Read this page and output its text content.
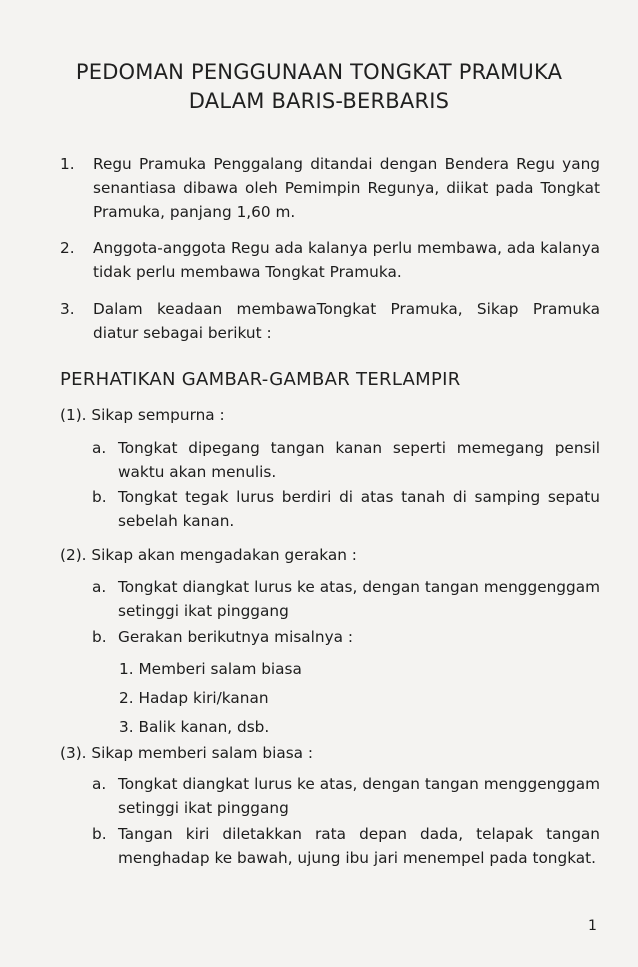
PEDOMAN PENGGUNAAN TONGKAT PRAMUKA
DALAM BARIS-BERBARIS
1.	Regu Pramuka Penggalang ditandai dengan Bendera Regu yang senantiasa dibawa oleh Pemimpin Regunya, diikat pada Tongkat Pramuka, panjang 1,60 m.
2.	Anggota-anggota Regu ada kalanya perlu membawa, ada kalanya tidak perlu membawa Tongkat Pramuka.
3.	Dalam keadaan membawaTongkat Pramuka, Sikap Pramuka diatur sebagai berikut :
PERHATIKAN GAMBAR-GAMBAR TERLAMPIR
(1). Sikap sempurna :
a. Tongkat dipegang tangan kanan seperti memegang pensil waktu akan menulis.
b. Tongkat tegak lurus berdiri di atas tanah di samping sepatu sebelah kanan.
(2). Sikap akan mengadakan gerakan :
a. Tongkat diangkat lurus ke atas, dengan tangan menggenggam setinggi ikat pinggang
b. Gerakan berikutnya misalnya :
1. Memberi salam biasa
2. Hadap kiri/kanan
3. Balik kanan, dsb.
(3). Sikap memberi salam biasa :
a. Tongkat diangkat lurus ke atas, dengan tangan menggenggam setinggi ikat pinggang
b. Tangan kiri diletakkan rata depan dada, telapak tangan menghadap ke bawah, ujung ibu jari menempel pada tongkat.
1
